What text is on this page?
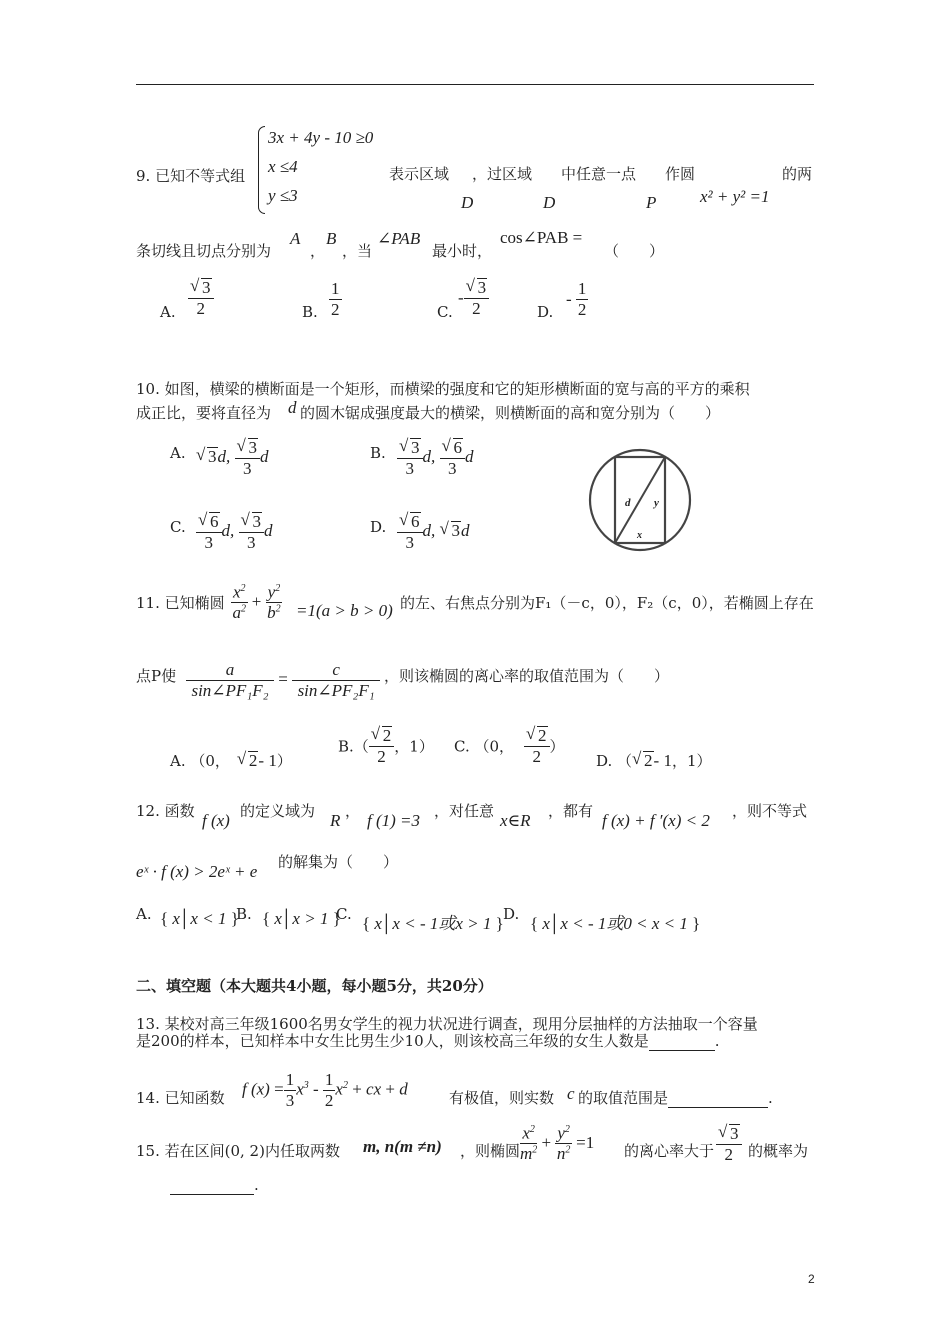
3x + 4y - 10 ≥0
x ≤4
y ≤3
9. 已知不等式组	表示区域 ，过区域 中任意一点 作圆	的两
D	D	P	x² + y² =1
条切线且切点分别为
A
，
B
，当
∠PAB
最小时，
cos∠PAB =
（　　）
A. √ $\frac{3}{2}$	B. $\frac{1}{2}$	C.
- √ $\frac{3}{2}$	D.
- $\frac{1}{2}$
10. 如图，横梁的横断面是一个矩形，而横梁的强度和它的矩形横断面的宽与高的平方的乘积
成正比，要将直径为 d 的圆木锯成强度最大的横梁，则横断面的高和宽分别为（　　）
A.	√ 3d, √ $\frac{3}{3}$ d	B. √ $\frac{3}{3} d$, √ $\frac{6}{3}$ d
C. √ $\frac{6}{3} d$, √ $\frac{3}{3}$ d	D. √ $\frac{6}{3} d$, √ 3d
d y
x
11. 已知椭圆 $\frac{x^2}{a^2} + \frac{y^2}{b^2} =1(a > b > 0)$ 的左、右焦点分别为F₁（－c，0），F₂（c，0），若椭圆上存在
点P使 $\frac{a}{\text{sin∠PF₁F₂}} = \frac{c}{\text{sin∠PF₂F₁}}$ ，则该椭圆的离心率的取值范围为（　　）
A. （0， √ 2- 1）
B.（ √ $\frac{2}{2}$ ，1） C. （0， √ $\frac{2}{2}$ ）
D. （ √ 2- 1，1）
12. 函数 f (x) 的定义域为 R ， f (1) =3 ，对任意 x∈R ，都有 f (x) + f ′(x) < 2 ，则不等式
eˣ · f (x) > 2eˣ + e 的解集为（　　）
A. { x│x < 1 }
B. { x│x > 1 }
C. { x│x < - 1或x > 1 } D. { x│x < - 1或0 < x < 1 }
二、填空题（本大题共4小题，每小题5分，共20分）
13. 某校对高三年级1600名男女学生的视力状况进行调查，现用分层抽样的方法抽取一个容量
是200的样本，已知样本中女生比男生少10人，则该校高三年级的女生人数是	.
14. 已知函数 f $(x) = \frac{1}{3} x^3 - \frac{1}{2} x^2$ + cx + d	有极值，则实数 c 的取值范围是	.
15. 若在区间(0, 2)内任取两数 m, n(m ≠n) ，则椭圆 $\frac{x^2}{m^2} + \frac{y^2}{n^2} =1$ 的离心率大于 √ $\frac{3}{2}$ 的概率为
.
2
